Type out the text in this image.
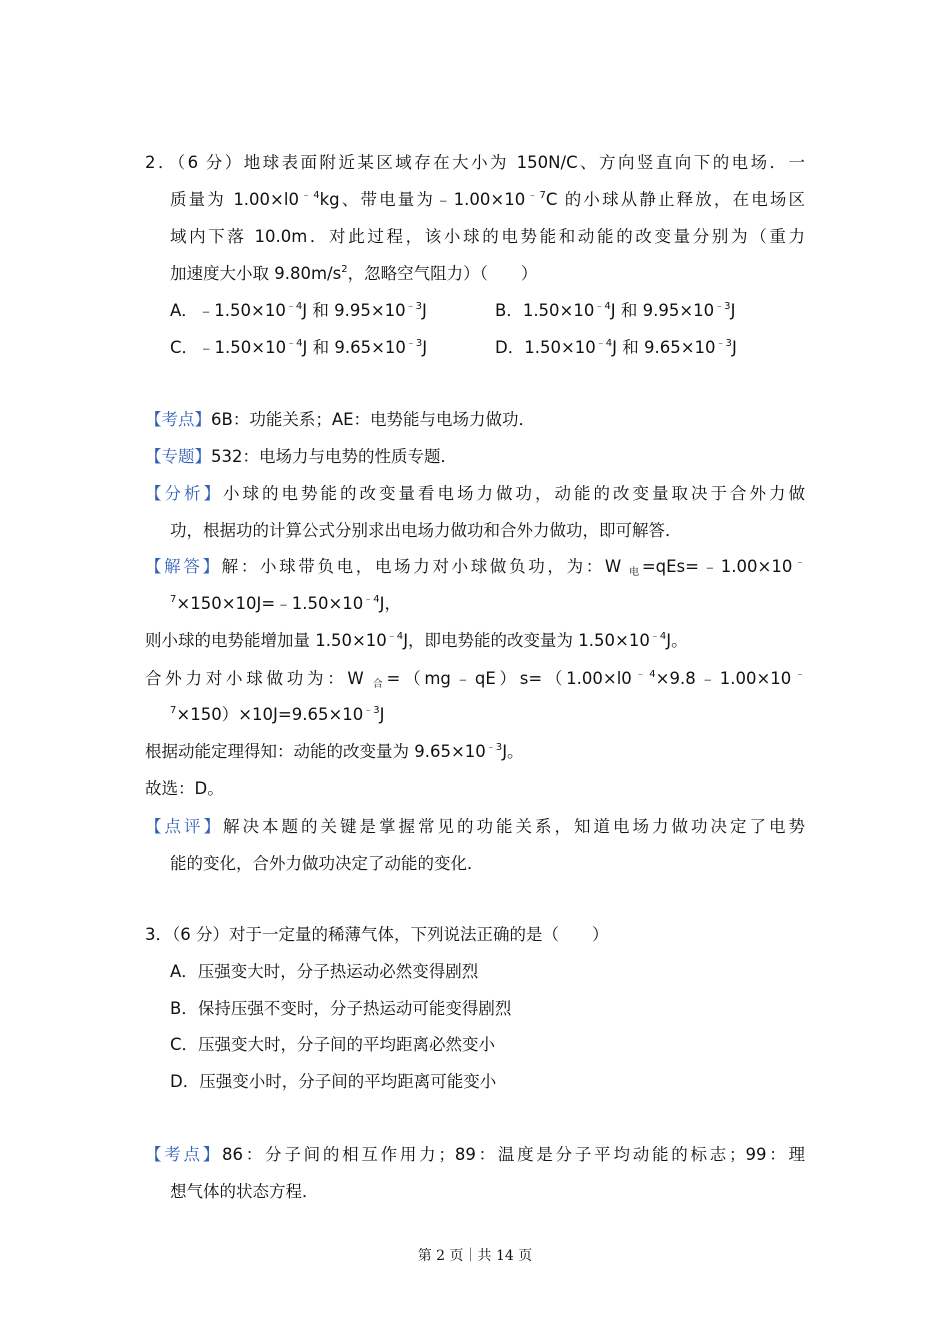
2．（6 分）地球表面附近某区域存在大小为 150N/C、方向竖直向下的电场．一
质量为 $1.00\times l0^{﹣4}kg$、带电量为$﹣1.00\times 10^{﹣7}C$ 的小球从静止释放，在电场区
域内下落 10.0m．对此过程，该小球的电势能和动能的改变量分别为（重力
加速度大小取 $9.80m/s^2$，忽略空气阻力）（　　）
A．$﹣1.50\times 10^{﹣4}J$ 和 $9.95\times 10^{﹣3}J$	B．$1.50\times 10^{﹣4}J$ 和 $9.95\times 10^{﹣3}J$
C．$﹣1.50\times 10^{﹣4}J$ 和 $9.65\times 10^{﹣3}J$	D．$1.50\times 10^{﹣4}J$ 和 $9.65\times 10^{﹣3}J$
【考点】6B：功能关系；AE：电势能与电场力做功．
【专题】532：电场力与电势的性质专题．
【分析】小球的电势能的改变量看电场力做功，动能的改变量取决于合外力做
功，根据功的计算公式分别求出电场力做功和合外力做功，即可解答．
【解答】解：小球带负电，电场力对小球做负功，为：W $_电$=qEs=﹣1.00×10﹣
$^7\times 150\times 10J=﹣1.50\times 10^{﹣4}J$，
则小球的电势能增加量 $1.50\times 10^{﹣4}J$，即电势能的改变量为 $1.50\times 10^{﹣4}J$。
合外力对小球做功为：W $_合=(mg﹣qE)s=(1.00\times l0^{﹣4}\times 9.8﹣1.00\times 10^﹣$
$^7\times 150)\times 10J=9.65\times 10^{﹣3}J$
根据动能定理得知：动能的改变量为 $9.65\times 10^{﹣3}J$。
故选：D。
【点评】解决本题的关键是掌握常见的功能关系，知道电场力做功决定了电势
能的变化，合外力做功决定了动能的变化．
3．（6 分）对于一定量的稀薄气体，下列说法正确的是（　　）
A．压强变大时，分子热运动必然变得剧烈
B．保持压强不变时，分子热运动可能变得剧烈
C．压强变大时，分子间的平均距离必然变小
D．压强变小时，分子间的平均距离可能变小
【考点】86：分子间的相互作用力；89：温度是分子平均动能的标志；99：理
想气体的状态方程．
第 2 页｜共 14 页
